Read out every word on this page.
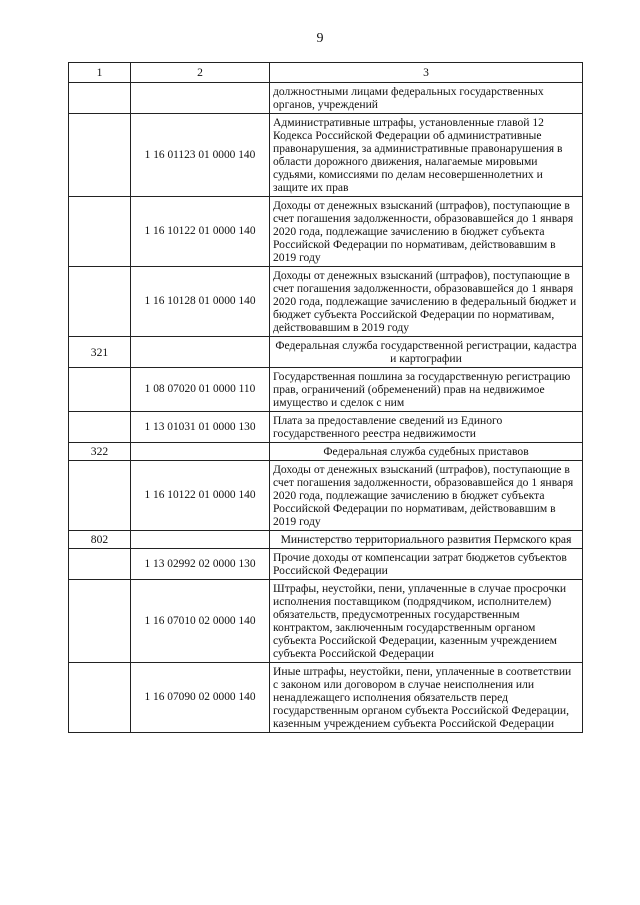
9
1	2	3
		должностными лицами федеральных государственных органов, учреждений
	1 16 01123 01 0000 140	Административные штрафы, установленные главой 12 Кодекса Российской Федерации об административные правонарушения, за административные правонарушения в области дорожного движения, налагаемые мировыми судьями, комиссиями по делам несовершеннолетних и защите их прав
	1 16 10122 01 0000 140	Доходы от денежных взысканий (штрафов), поступающие в счет погашения задолженности, образовавшейся до 1 января 2020 года, подлежащие зачислению в бюджет субъекта Российской Федерации по нормативам, действовавшим в 2019 году
	1 16 10128 01 0000 140	Доходы от денежных взысканий (штрафов), поступающие в счет погашения задолженности, образовавшейся до 1 января 2020 года, подлежащие зачислению в федеральный бюджет и бюджет субъекта Российской Федерации по нормативам, действовавшим в 2019 году
321		Федеральная служба государственной регистрации, кадастра и картографии
	1 08 07020 01 0000 110	Государственная пошлина за государственную регистрацию прав, ограничений (обременений) прав на недвижимое имущество и сделок с ним
	1 13 01031 01 0000 130	Плата за предоставление сведений из Единого государственного реестра недвижимости
322		Федеральная служба судебных приставов
	1 16 10122 01 0000 140	Доходы от денежных взысканий (штрафов), поступающие в счет погашения задолженности, образовавшейся до 1 января 2020 года, подлежащие зачислению в бюджет субъекта Российской Федерации по нормативам, действовавшим в 2019 году
802		Министерство территориального развития Пермского края
	1 13 02992 02 0000 130	Прочие доходы от компенсации затрат бюджетов субъектов Российской Федерации
	1 16 07010 02 0000 140	Штрафы, неустойки, пени, уплаченные в случае просрочки исполнения поставщиком (подрядчиком, исполнителем) обязательств, предусмотренных государственным контрактом, заключенным государственным органом субъекта Российской Федерации, казенным учреждением субъекта Российской Федерации
	1 16 07090 02 0000 140	Иные штрафы, неустойки, пени, уплаченные в соответствии с законом или договором в случае неисполнения или ненадлежащего исполнения обязательств перед государственным органом субъекта Российской Федерации, казенным учреждением субъекта Российской Федерации
